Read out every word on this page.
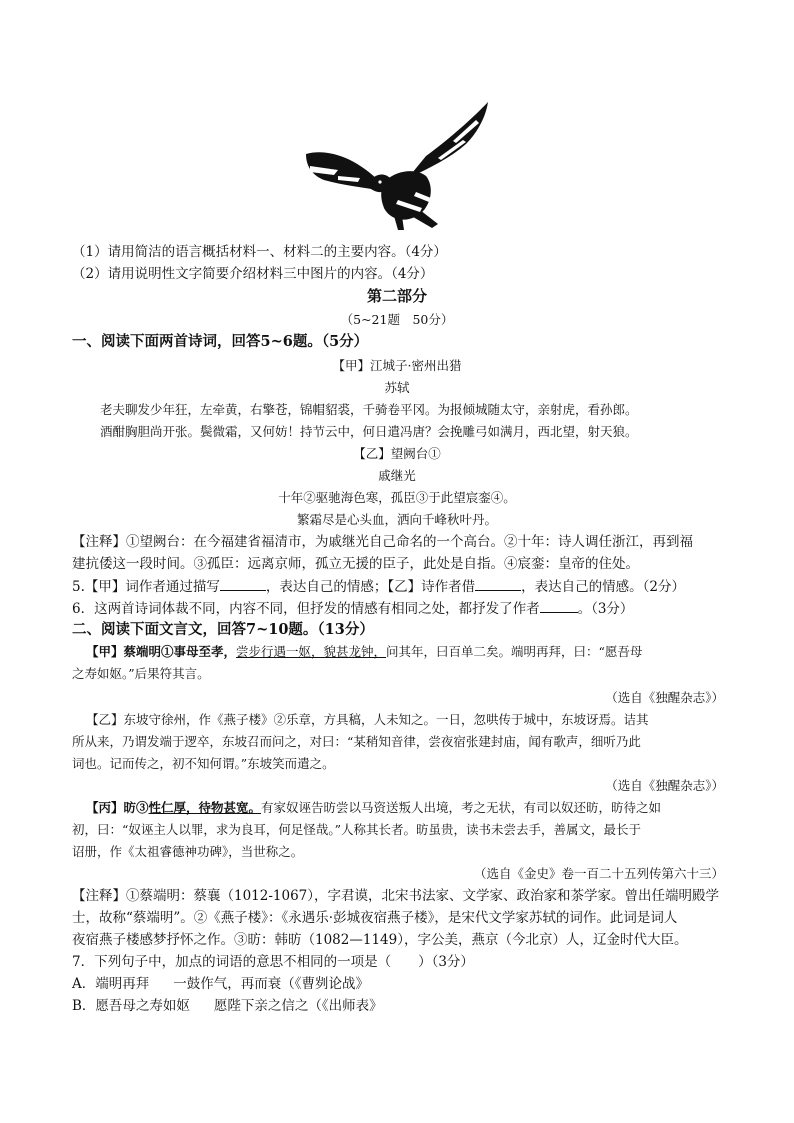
（1）请用简洁的语言概括材料一、材料二的主要内容。（4分）
（2）请用说明性文字简要介绍材料三中图片的内容。（4分）
第二部分
（5~21题　50分）
一、阅读下面两首诗词，回答5~6题。（5分）
【甲】江城子·密州出猎
苏轼
老夫聊发少年狂，左牵黄，右擎苍，锦帽貂裘，千骑卷平冈。为报倾城随太守，亲射虎，看孙郎。
酒酣胸胆尚开张。鬓微霜，又何妨！持节云中，何日遣冯唐？会挽雕弓如满月，西北望，射天狼。
【乙】望阙台①
戚继光
十年②驱驰海色寒，孤臣③于此望宸銮④。
繁霜尽是心头血，洒向千峰秋叶丹。
【注释】①望阙台：在今福建省福清市，为戚继光自己命名的一个高台。②十年：诗人调任浙江，再到福
建抗倭这一段时间。③孤臣：远离京师，孤立无援的臣子，此处是自指。④宸銮：皇帝的住处。
5.【甲】词作者通过描写	，表达自己的情感；【乙】诗作者借	，表达自己的情感。（2分）
6．这两首诗词体裁不同，内容不同，但抒发的情感有相同之处，都抒发了作者	。（3分）
二、阅读下面文言文，回答7~10题。（13分）
【甲】蔡端明①事母至孝，尝步行遇一妪，貌甚龙钟，问其年，曰百单二矣。端明再拜，曰：“愿吾母
之寿如妪。”后果符其言。
（选自《独醒杂志》）
【乙】东坡守徐州，作《燕子楼》②乐章，方具稿，人未知之。一日，忽哄传于城中，东坡讶焉。诘其
所从来，乃谓发端于逻卒，东坡召而问之，对曰：“某稍知音律，尝夜宿张建封庙，闻有歌声，细听乃此
词也。记而传之，初不知何谓。”东坡笑而遣之。
（选自《独醒杂志》）
【丙】昉③性仁厚，待物甚宽。有家奴诬告昉尝以马资送叛人出境，考之无状，有司以奴还昉，昉待之如
初，曰：“奴诬主人以罪，求为良耳，何足怪哉。”人称其长者。昉虽贵，读书未尝去手，善属文，最长于
诏册，作《太祖睿德神功碑》，当世称之。
（选自《金史》卷一百二十五列传第六十三）
【注释】①蔡端明：蔡襄（1012-1067），字君谟，北宋书法家、文学家、政治家和茶学家。曾出任端明殿学
士，故称“蔡端明”。②《燕子楼》：《永遇乐·彭城夜宿燕子楼》，是宋代文学家苏轼的词作。此词是词人
夜宿燕子楼感梦抒怀之作。③昉：韩昉（1082—1149），字公美，燕京（今北京）人，辽金时代大臣。
7．下列句子中，加点的词语的意思不相同的一项是（　　）（3分）
A．端明再拜 一鼓作气，再而衰（《曹刿论战》
B．愿吾母之寿如妪 愿陛下亲之信之（《出师表》
